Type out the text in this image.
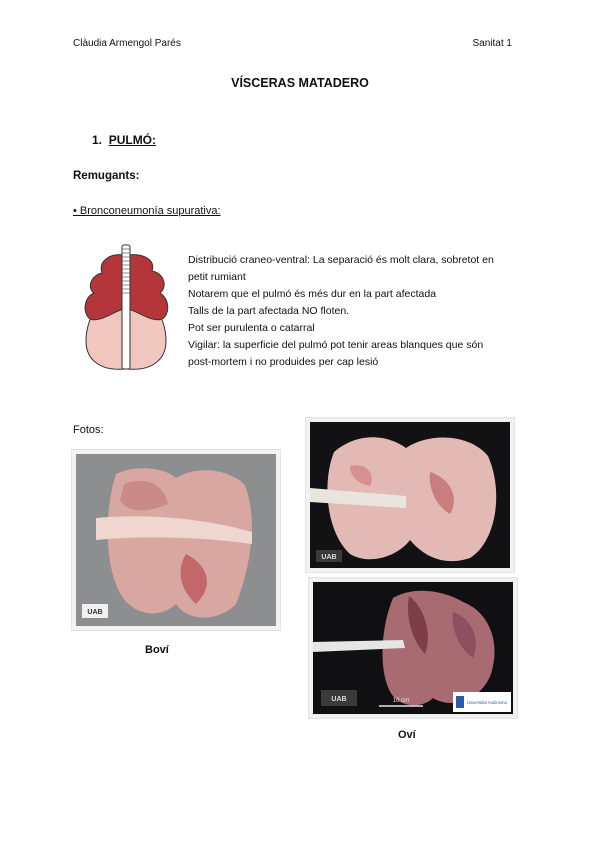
Clàudia Armengol Parés	Sanitat 1
VÍSCERAS MATADERO
1. PULMÓ:
Remugants:
• Bronconeumonía supurativa:

Distribució craneo-ventral: La separació és molt clara, sobretot en

petit rumiant

Notarem que el pulmó és més dur en la part afectada

Talls de la part afectada NO floten.

Pot ser purulenta o catarral

Vigilar: la superficie del pulmó pot tenir areas blanques que són

post-mortem i no produides per cap lesió

Fotos:
UAB
Boví
UAB
UAB	10 cm	Universitat Autònoma
Oví
